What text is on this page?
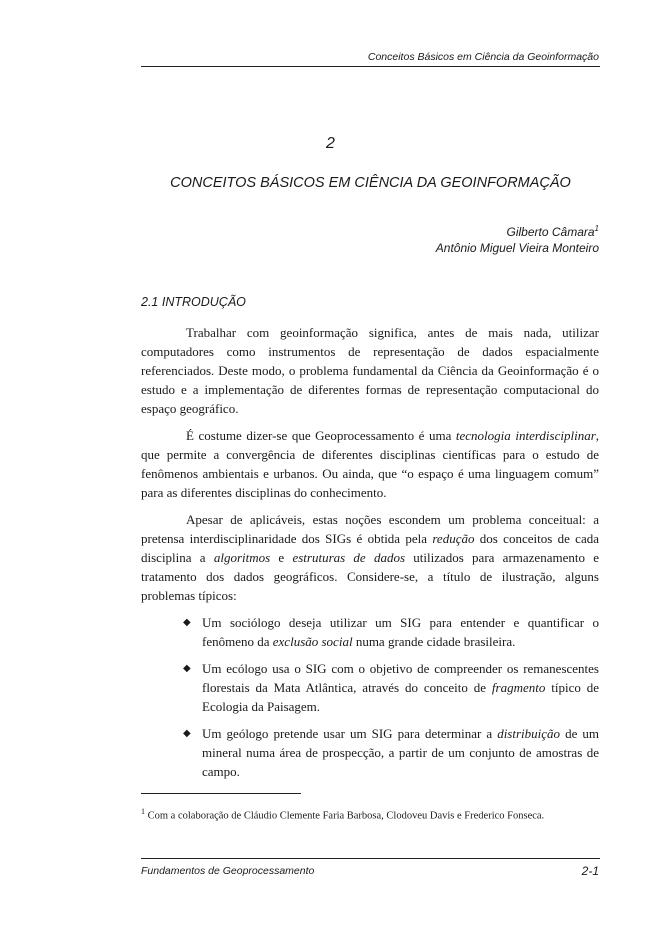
Conceitos Básicos em Ciência da Geoinformação
2
CONCEITOS BÁSICOS EM CIÊNCIA DA GEOINFORMAÇÃO
Gilberto Câmara$^1$
Antônio Miguel Vieira Monteiro
2.1 INTRODUÇÃO

Trabalhar com geoinformação significa, antes de mais nada, utilizar computadores como instrumentos de representação de dados espacialmente referenciados. Deste modo, o problema fundamental da Ciência da Geoinformação é o estudo e a implementação de diferentes formas de representação computacional do espaço geográfico.

É costume dizer-se que Geoprocessamento é uma tecnologia interdisciplinar, que permite a convergência de diferentes disciplinas científicas para o estudo de fenômenos ambientais e urbanos. Ou ainda, que “o espaço é uma linguagem comum” para as diferentes disciplinas do conhecimento.

Apesar de aplicáveis, estas noções escondem um problema conceitual: a pretensa interdisciplinaridade dos SIGs é obtida pela redução dos conceitos de cada disciplina a algoritmos e estruturas de dados utilizados para armazenamento e tratamento dos dados geográficos. Considere-se, a título de ilustração, alguns problemas típicos:

◆ Um sociólogo deseja utilizar um SIG para entender e quantificar o fenômeno da exclusão social numa grande cidade brasileira.
◆ Um ecólogo usa o SIG com o objetivo de compreender os remanescentes florestais da Mata Atlântica, através do conceito de fragmento típico de Ecologia da Paisagem.
◆ Um geólogo pretende usar um SIG para determinar a distribuição de um mineral numa área de prospecção, a partir de um conjunto de amostras de campo.
$^1$ Com a colaboração de Cláudio Clemente Faria Barbosa, Clodoveu Davis e Frederico Fonseca.
Fundamentos de Geoprocessamento	2-1
